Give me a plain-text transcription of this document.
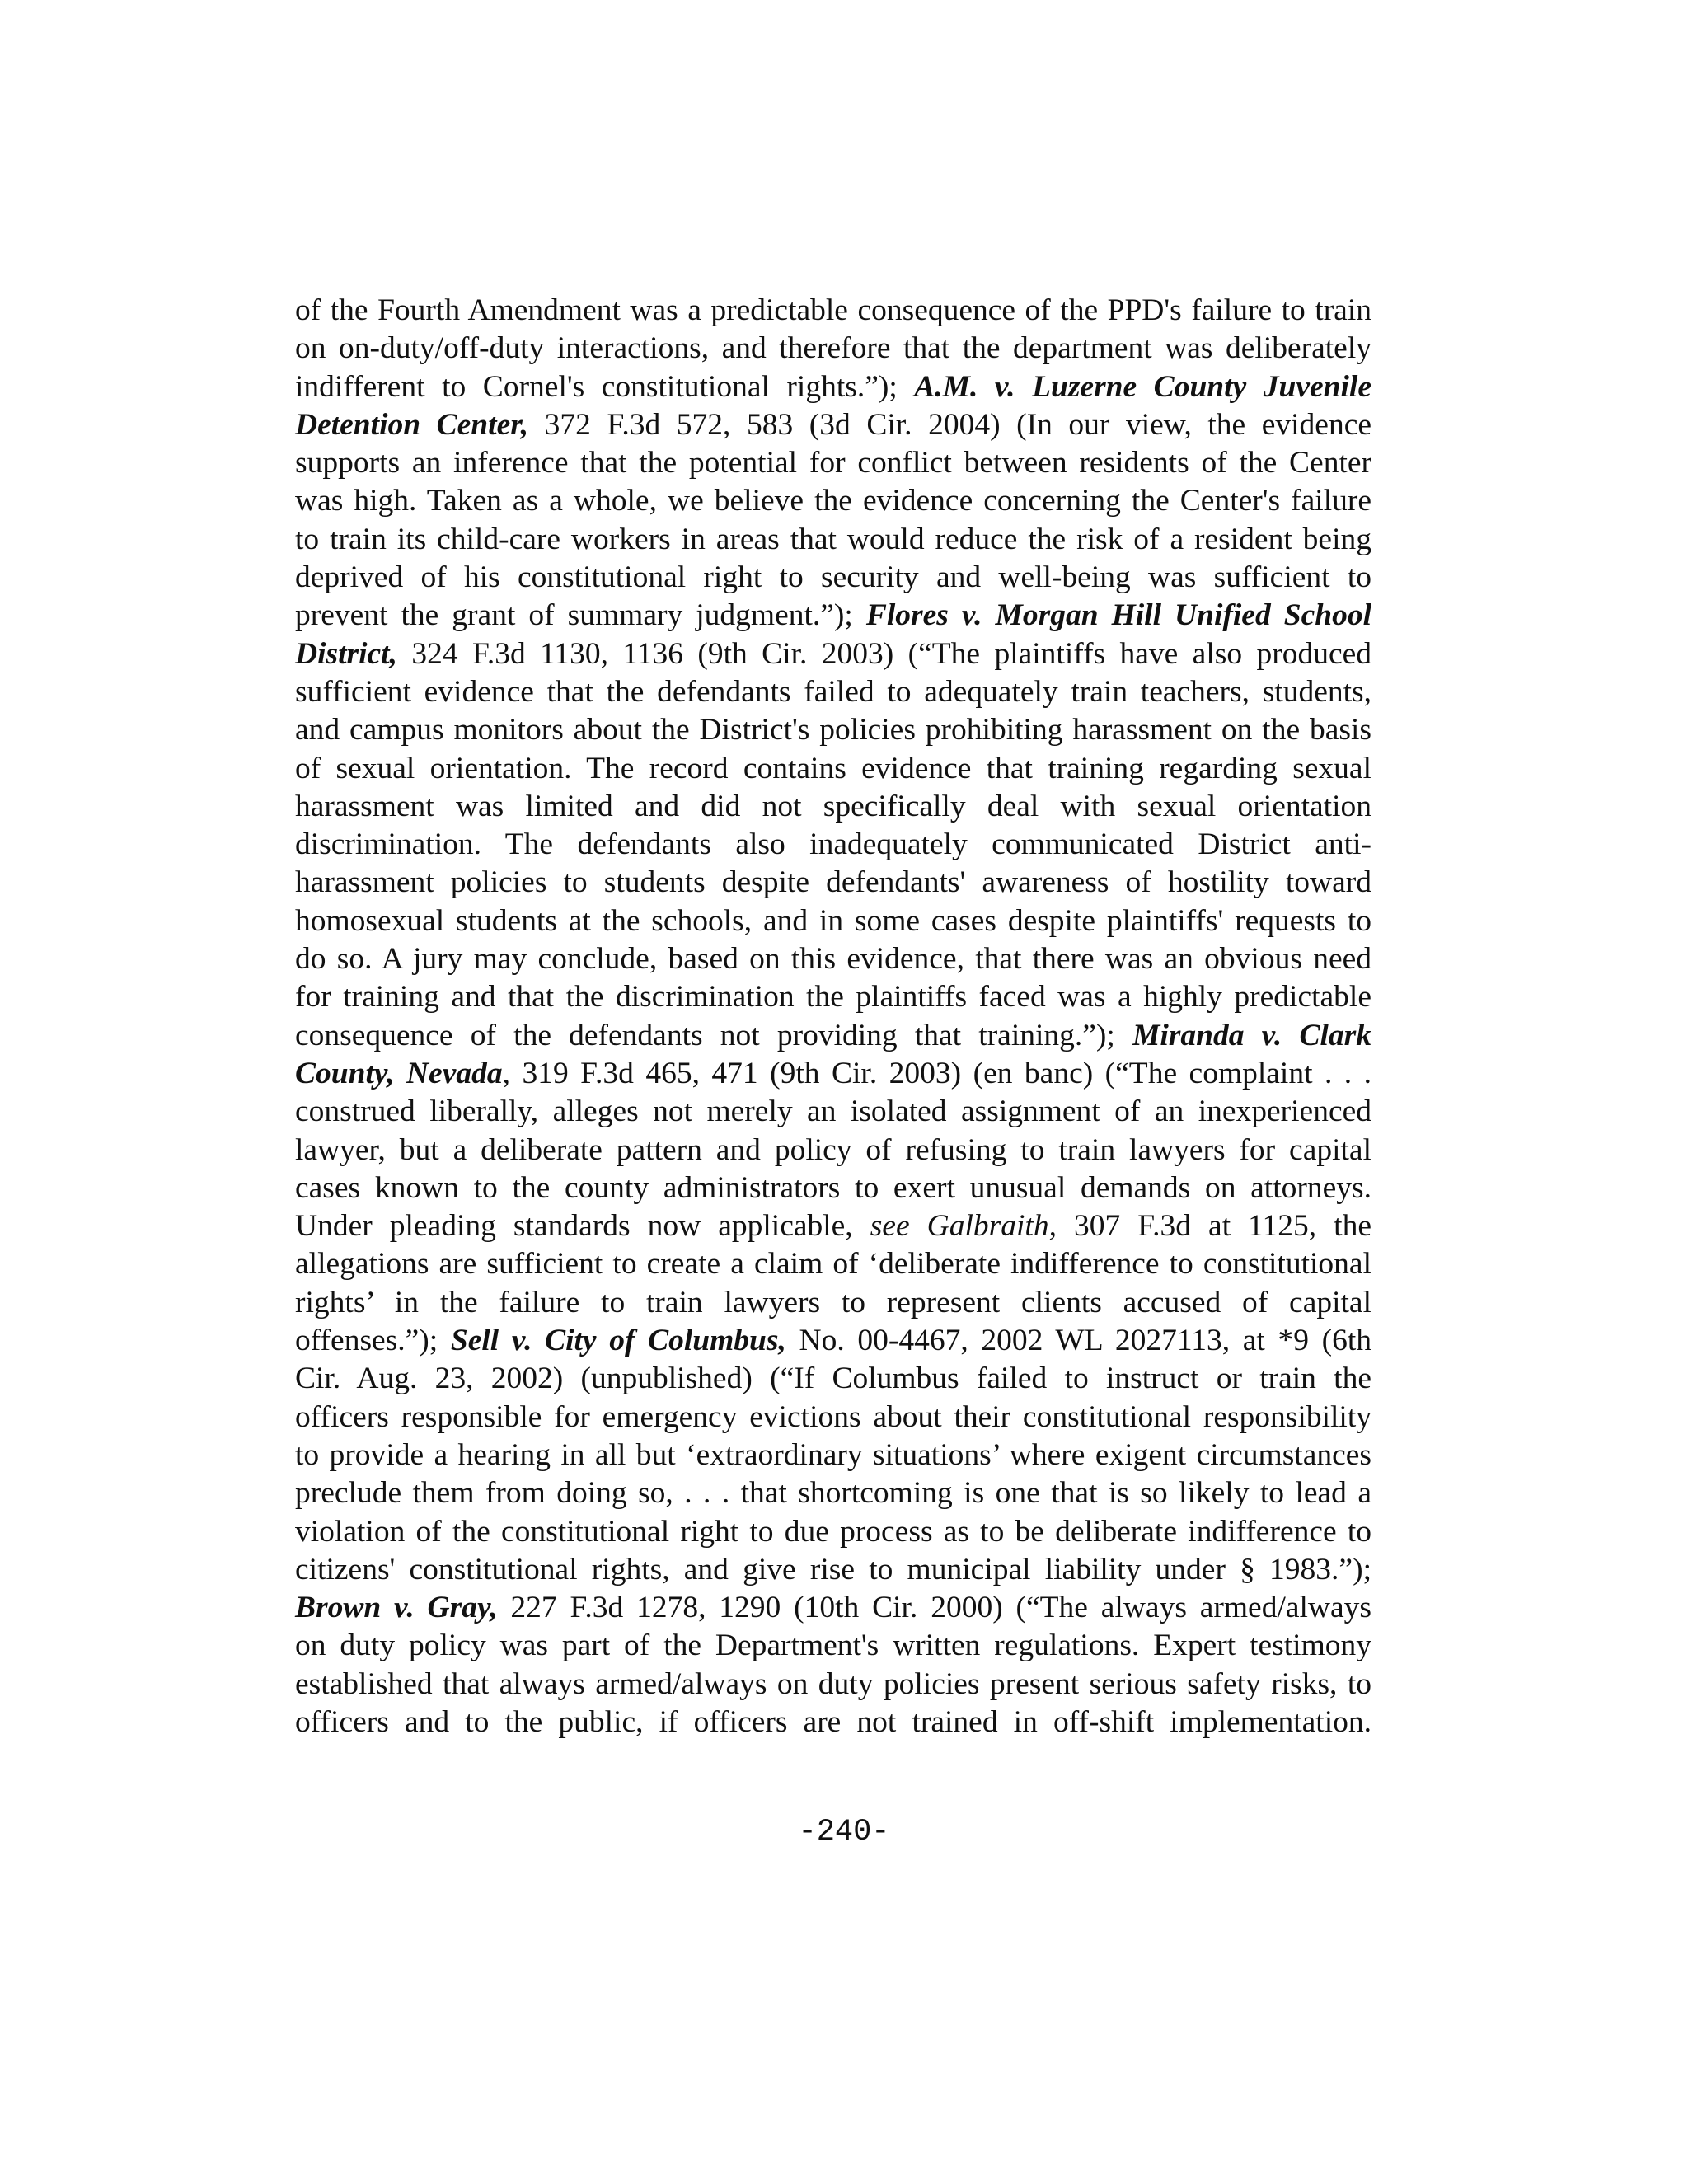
of the Fourth Amendment was a predictable consequence of the PPD's failure to train
on on-duty/off-duty interactions, and therefore that the department was deliberately
indifferent to Cornel's constitutional rights.”); A.M. v. Luzerne County Juvenile
Detention Center, 372 F.3d 572, 583 (3d Cir. 2004) (In our view, the evidence
supports an inference that the potential for conflict between residents of the Center
was high. Taken as a whole, we believe the evidence concerning the Center's failure
to train its child-care workers in areas that would reduce the risk of a resident being
deprived of his constitutional right to security and well-being was sufficient to
prevent the grant of summary judgment.”); Flores v. Morgan Hill Unified School
District, 324 F.3d 1130, 1136 (9th Cir. 2003) (“The plaintiffs have also produced
sufficient evidence that the defendants failed to adequately train teachers, students,
and campus monitors about the District's policies prohibiting harassment on the basis
of sexual orientation. The record contains evidence that training regarding sexual
harassment was limited and did not specifically deal with sexual orientation
discrimination. The defendants also inadequately communicated District anti-
harassment policies to students despite defendants' awareness of hostility toward
homosexual students at the schools, and in some cases despite plaintiffs' requests to
do so. A jury may conclude, based on this evidence, that there was an obvious need
for training and that the discrimination the plaintiffs faced was a highly predictable
consequence of the defendants not providing that training.”); Miranda v. Clark
County, Nevada, 319 F.3d 465, 471 (9th Cir. 2003) (en banc) (“The complaint . . .
construed liberally, alleges not merely an isolated assignment of an inexperienced
lawyer, but a deliberate pattern and policy of refusing to train lawyers for capital
cases known to the county administrators to exert unusual demands on attorneys.
Under pleading standards now applicable, see Galbraith, 307 F.3d at 1125, the
allegations are sufficient to create a claim of ‘deliberate indifference to constitutional
rights’ in the failure to train lawyers to represent clients accused of capital
offenses.”); Sell v. City of Columbus, No. 00-4467, 2002 WL 2027113, at *9 (6th
Cir. Aug. 23, 2002) (unpublished) (“If Columbus failed to instruct or train the
officers responsible for emergency evictions about their constitutional responsibility
to provide a hearing in all but ‘extraordinary situations’ where exigent circumstances
preclude them from doing so, . . . that shortcoming is one that is so likely to lead a
violation of the constitutional right to due process as to be deliberate indifference to
citizens' constitutional rights, and give rise to municipal liability under § 1983.”);
Brown v. Gray, 227 F.3d 1278, 1290 (10th Cir. 2000) (“The always armed/always
on duty policy was part of the Department's written regulations. Expert testimony
established that always armed/always on duty policies present serious safety risks, to
officers and to the public, if officers are not trained in off-shift implementation.
-240-
